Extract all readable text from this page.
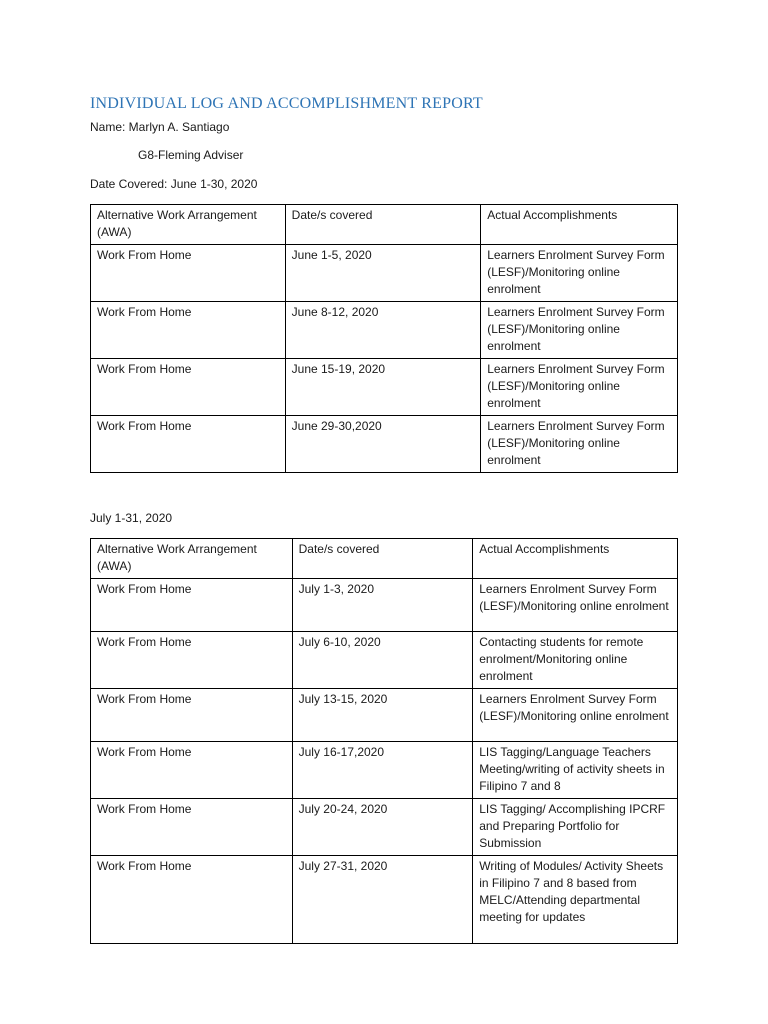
INDIVIDUAL LOG AND ACCOMPLISHMENT REPORT
Name: Marlyn A. Santiago
G8-Fleming Adviser
Date Covered: June 1-30, 2020
Alternative Work Arrangement (AWA)	Date/s covered	Actual Accomplishments
Work From Home	June 1-5, 2020	Learners Enrolment Survey Form (LESF)/Monitoring online enrolment
Work From Home	June 8-12, 2020	Learners Enrolment Survey Form (LESF)/Monitoring online enrolment
Work From Home	June 15-19, 2020	Learners Enrolment Survey Form (LESF)/Monitoring online enrolment
Work From Home	June 29-30,2020	Learners Enrolment Survey Form (LESF)/Monitoring online enrolment
July 1-31, 2020
Alternative Work Arrangement (AWA)	Date/s covered	Actual Accomplishments
Work From Home	July 1-3, 2020	Learners Enrolment Survey Form (LESF)/Monitoring online enrolment
Work From Home	July 6-10, 2020	Contacting students for remote enrolment/Monitoring online enrolment
Work From Home	July 13-15, 2020	Learners Enrolment Survey Form (LESF)/Monitoring online enrolment
Work From Home	July 16-17,2020	LIS Tagging/Language Teachers Meeting/writing of activity sheets in Filipino 7 and 8
Work From Home	July 20-24, 2020	LIS Tagging/ Accomplishing IPCRF and Preparing Portfolio for Submission
Work From Home	July 27-31, 2020	Writing of Modules/ Activity Sheets in Filipino 7 and 8 based from MELC/Attending departmental meeting for updates
